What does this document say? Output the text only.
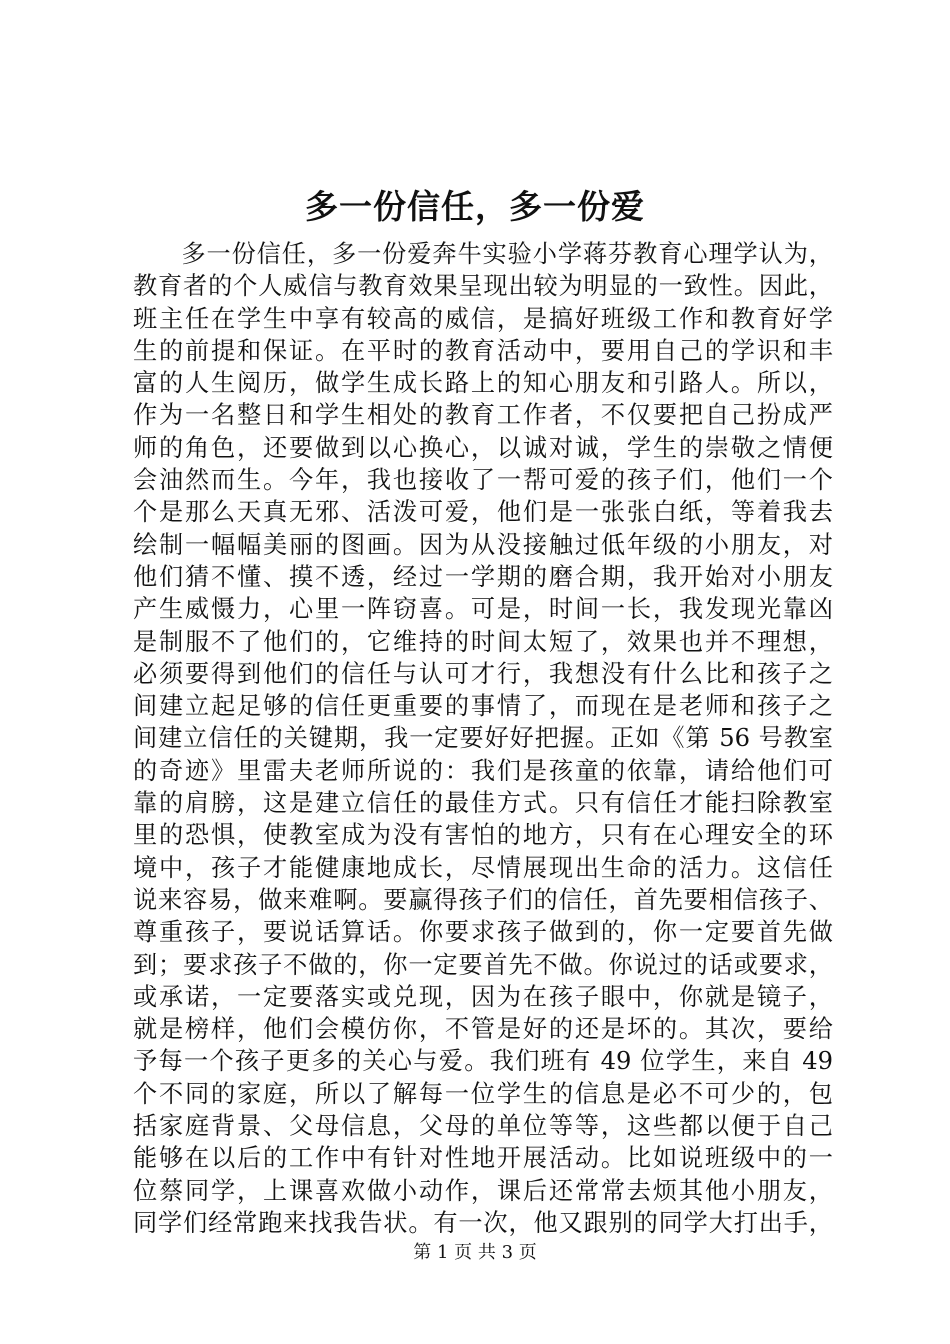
多一份信任，多一份爱
多一份信任，多一份爱奔牛实验小学蒋芬教育心理学认为，
教育者的个人威信与教育效果呈现出较为明显的一致性。因此，
班主任在学生中享有较高的威信，是搞好班级工作和教育好学
生的前提和保证。在平时的教育活动中，要用自己的学识和丰
富的人生阅历，做学生成长路上的知心朋友和引路人。所以，
作为一名整日和学生相处的教育工作者，不仅要把自己扮成严
师的角色，还要做到以心换心，以诚对诚，学生的崇敬之情便
会油然而生。今年，我也接收了一帮可爱的孩子们，他们一个
个是那么天真无邪、活泼可爱，他们是一张张白纸，等着我去
绘制一幅幅美丽的图画。因为从没接触过低年级的小朋友，对
他们猜不懂、摸不透，经过一学期的磨合期，我开始对小朋友
产生威慑力，心里一阵窃喜。可是，时间一长，我发现光靠凶
是制服不了他们的，它维持的时间太短了，效果也并不理想，
必须要得到他们的信任与认可才行，我想没有什么比和孩子之
间建立起足够的信任更重要的事情了，而现在是老师和孩子之
间建立信任的关键期，我一定要好好把握。正如《第 56 号教室
的奇迹》里雷夫老师所说的：我们是孩童的依靠，请给他们可
靠的肩膀，这是建立信任的最佳方式。只有信任才能扫除教室
里的恐惧，使教室成为没有害怕的地方，只有在心理安全的环
境中，孩子才能健康地成长，尽情展现出生命的活力。这信任
说来容易，做来难啊。要赢得孩子们的信任，首先要相信孩子、
尊重孩子，要说话算话。你要求孩子做到的，你一定要首先做
到；要求孩子不做的，你一定要首先不做。你说过的话或要求，
或承诺，一定要落实或兑现，因为在孩子眼中，你就是镜子，
就是榜样，他们会模仿你，不管是好的还是坏的。其次，要给
予每一个孩子更多的关心与爱。我们班有 49 位学生，来自 49
个不同的家庭，所以了解每一位学生的信息是必不可少的，包
括家庭背景、父母信息，父母的单位等等，这些都以便于自己
能够在以后的工作中有针对性地开展活动。比如说班级中的一
位蔡同学，上课喜欢做小动作，课后还常常去烦其他小朋友，
同学们经常跑来找我告状。有一次，他又跟别的同学大打出手，
第 1 页 共 3 页
